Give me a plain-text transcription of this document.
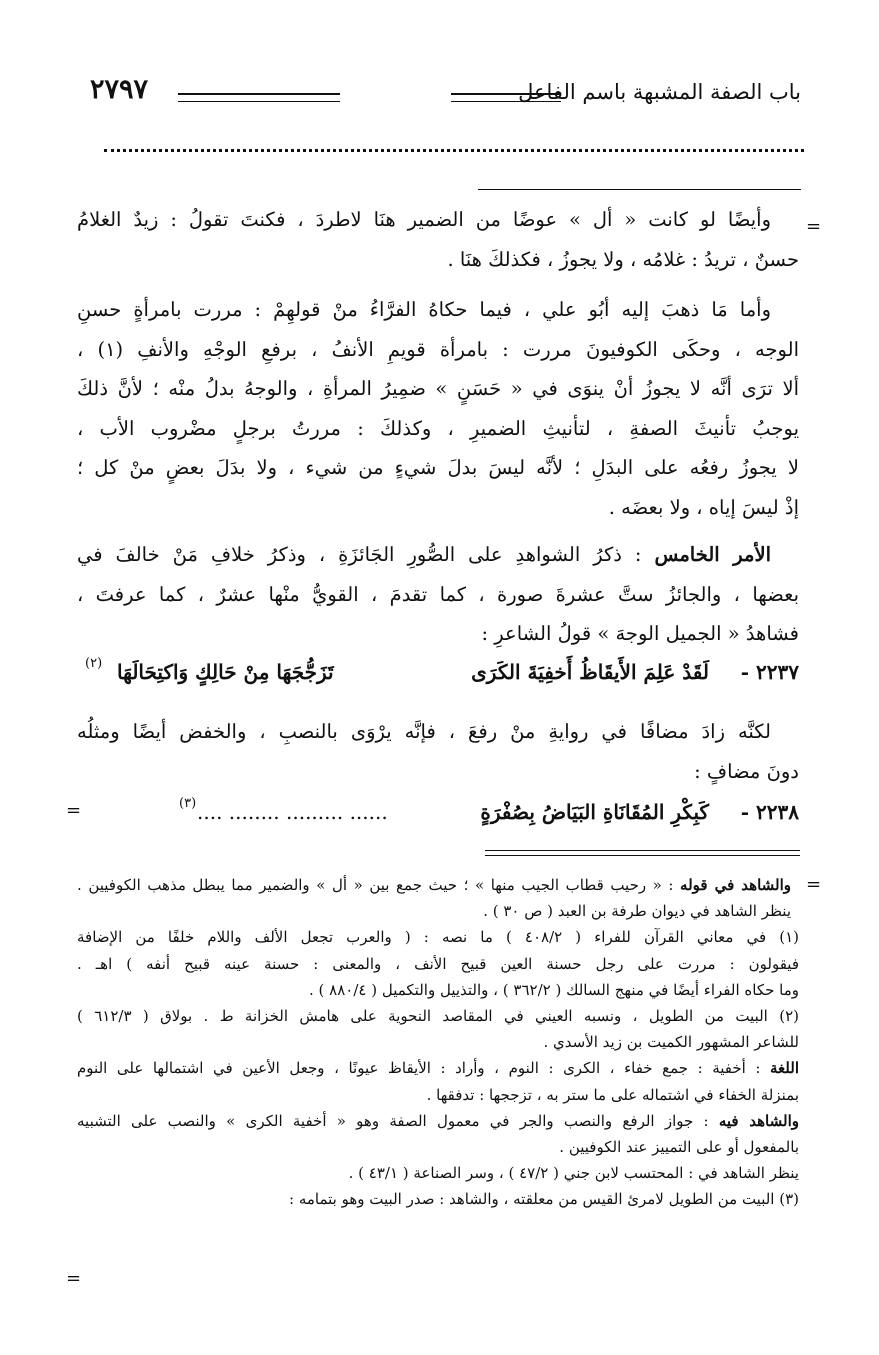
باب الصفة المشبهة باسم الفاعل
٢٧٩٧
=
وأيضًا لو كانت « أل » عوضًا من الضمير هنَا لاطردَ ، فكنتَ تقولُ : زيدٌ الغلامُ
حسنٌ ، تريدُ : غلامُه ، ولا يجوزُ ، فكذلكَ هنَا .
وأما مَا ذهبَ إليه أبُو علي ، فيما حكاهُ الفرَّاءُ منْ قولهِمْ : مررت بامرأةٍ حسنِ
الوجه ، وحكَى الكوفيونَ مررت : بامرأة قويمِ الأنفُ ، برفعِ الوجْهِ والأنفِ (١) ،
ألا ترَى أنَّه لا يجوزُ أنْ ينوَى في « حَسَنٍ » ضمِيرُ المرأةِ ، والوجهُ بدلُ منْه ؛ لأنَّ ذلكَ
يوجبُ تأنيثَ الصفةِ ، لتأنيثِ الضميرِ ، وكذلكَ : مررتُ برجلٍ مضْروب الأب ،
لا يجوزُ رفعُه على البدَلِ ؛ لأنَّه ليسَ بدلَ شيءٍ من شيء ، ولا بدَلَ بعضٍ منْ كل ؛
إذْ ليسَ إياه ، ولا بعضَه .
الأمر الخامس : ذكرُ الشواهدِ على الصُّورِ الجَائزَةِ ، وذكرُ خلافِ مَنْ خالفَ في
بعضها ، والجائزُ ستَّ عشرةَ صورة ، كما تقدمَ ، القويُّ منْها عشرٌ ، كما عرفتَ ،
فشاهدُ « الجميل الوجهَ » قولُ الشاعرِ :
٢٢٣٧ -
لَقَدْ عَلِمَ الأَيقَاظُ أَخفِيَةَ الكَرَى
تَزَجُّجَهَا مِنْ حَالِكٍ وَاكتِحَالَهَا
(٢)
لكنَّه زادَ مضافًا في روايةِ منْ رفعَ ، فإنَّه يرْوَى بالنصبِ ، والخفض أيضًا ومثلُه
دونَ مضافٍ :
٢٢٣٨ -
كَبِكْرِ المُقَانَاةِ البَيَاضُ بِصُفْرَةٍ
...... ......... ........ ....
(٣)
=
=
والشاهد في قوله : « رحيب قطاب الجيب منها » ؛ حيث جمع بين « أل » والضمير مما يبطل مذهب الكوفيين .
ينظر الشاهد في ديوان طرفة بن العبد ( ص ٣٠ ) .
(١) في معاني القرآن للفراء ( ٤٠٨/٢ ) ما نصه : ( والعرب تجعل الألف واللام خلفًا من الإضافة
فيقولون : مررت على رجل حسنة العين قبيح الأنف ، والمعنى : حسنة عينه قبيح أنفه ) اهـ .
وما حكاه الفراء أيضًا في منهج السالك ( ٣٦٢/٢ ) ، والتذييل والتكميل ( ٨٨٠/٤ ) .
(٢) البيت من الطويل ، ونسبه العيني في المقاصد النحوية على هامش الخزانة ط . بولاق ( ٦١٢/٣ )
للشاعر المشهور الكميت بن زيد الأسدي .
اللغة : أخفية : جمع خفاء ، الكرى : النوم ، وأراد : الأيقاظ عيونًا ، وجعل الأعين في اشتمالها على النوم
بمنزلة الخفاء في اشتماله على ما ستر به ، تزججها : تدفقها .
والشاهد فيه : جواز الرفع والنصب والجر في معمول الصفة وهو « أخفية الكرى » والنصب على التشبيه
بالمفعول أو على التمييز عند الكوفيين .
ينظر الشاهد في : المحتسب لابن جني ( ٤٧/٢ ) ، وسر الصناعة ( ٤٣/١ ) .
(٣) البيت من الطويل لامرئ القيس من معلقته ، والشاهد : صدر البيت وهو بتمامه :
=
